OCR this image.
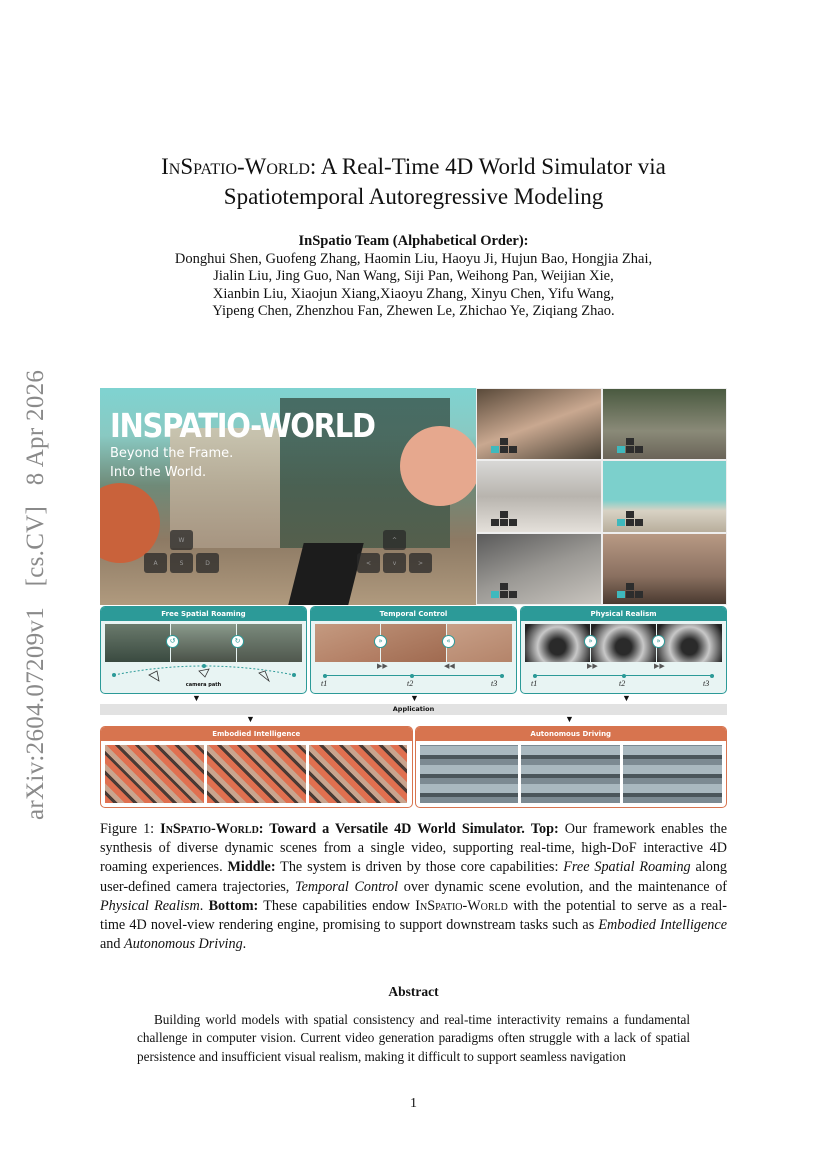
arXiv:2604.07209v1 [cs.CV] 8 Apr 2026
InSpatio-World: A Real-Time 4D World Simulator via
Spatiotemporal Autoregressive Modeling
InSpatio Team (Alphabetical Order):
Donghui Shen, Guofeng Zhang, Haomin Liu, Haoyu Ji, Hujun Bao, Hongjia Zhai,
Jialin Liu, Jing Guo, Nan Wang, Siji Pan, Weihong Pan, Weijian Xie,
Xianbin Liu, Xiaojun Xiang,Xiaoyu Zhang, Xinyu Chen, Yifu Wang,
Yipeng Chen, Zhenzhou Fan, Zhewen Le, Zhichao Ye, Ziqiang Zhao.
INSPATIO-WORLD
Beyond the Frame.
Into the World.
W
A	S	D
^
<	v	>
Free Spatial Roaming
↺	↻
camera path
Temporal Control
»	«
▶▶	◀◀
t1	t2	t3
Physical Realism
»	»
▶▶	▶▶
t1	t2	t3
▼	▼	▼
Application
▼	▼
Embodied Intelligence	Autonomous Driving
Figure 1: InSpatio-World: Toward a Versatile 4D World Simulator. Top: Our framework enables the synthesis of diverse dynamic scenes from a single video, supporting real-time, high-DoF interactive 4D roaming experiences. Middle: The system is driven by those core capabilities: Free Spatial Roaming along user-defined camera trajectories, Temporal Control over dynamic scene evolution, and the maintenance of Physical Realism. Bottom: These capabilities endow InSpatio-World with the potential to serve as a real-time 4D novel-view rendering engine, promising to support downstream tasks such as Embodied Intelligence and Autonomous Driving.
Abstract
Building world models with spatial consistency and real-time interactivity remains a fundamental challenge in computer vision. Current video generation paradigms often struggle with a lack of spatial persistence and insufficient visual realism, making it difficult to support seamless navigation
1
